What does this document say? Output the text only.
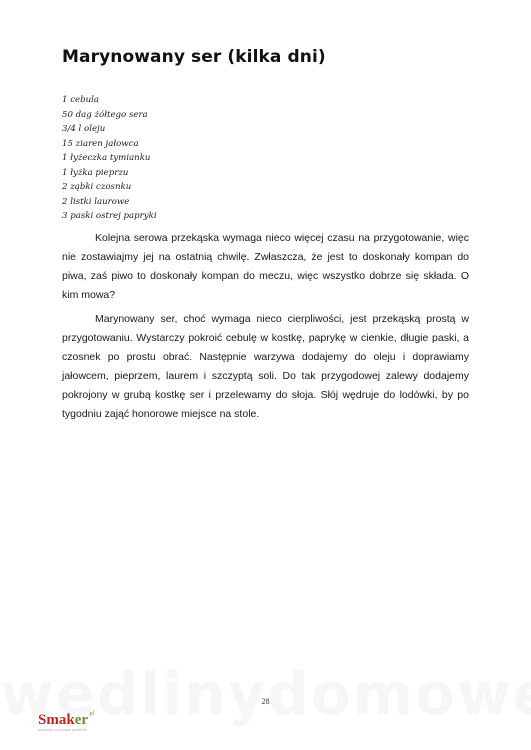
Marynowany ser (kilka dni)
1 cebula
50 dag żółtego sera
3/4 l oleju
15 ziaren jałowca
1 łyżeczka tymianku
1 łyżka pieprzu
2 ząbki czosnku
2 listki laurowe
3 paski ostrej papryki

Kolejna serowa przekąska wymaga nieco więcej czasu na przygotowanie, więc nie zostawiajmy jej na ostatnią chwilę. Zwłaszcza, że jest to doskonały kompan do piwa, zaś piwo to doskonały kompan do meczu, więc wszystko dobrze się składa. O kim mowa?

Marynowany ser, choć wymaga nieco cierpliwości, jest przekąską prostą w przygotowaniu. Wystarczy pokroić cebulę w kostkę, paprykę w cienkie, długie paski, a czosnek po prostu obrać. Następnie warzywa dodajemy do oleju i doprawiamy jałowcem, pieprzem, laurem i szczyptą soli. Do tak przygodowej zalewy dodajemy pokrojony w grubą kostkę ser i przelewamy do słoja. Słój wędruje do lodówki, by po tygodniu zająć honorowe miejsce na stole.

28
Smaker$^{.pl}$
wszystko o dobrym jedzeniu
